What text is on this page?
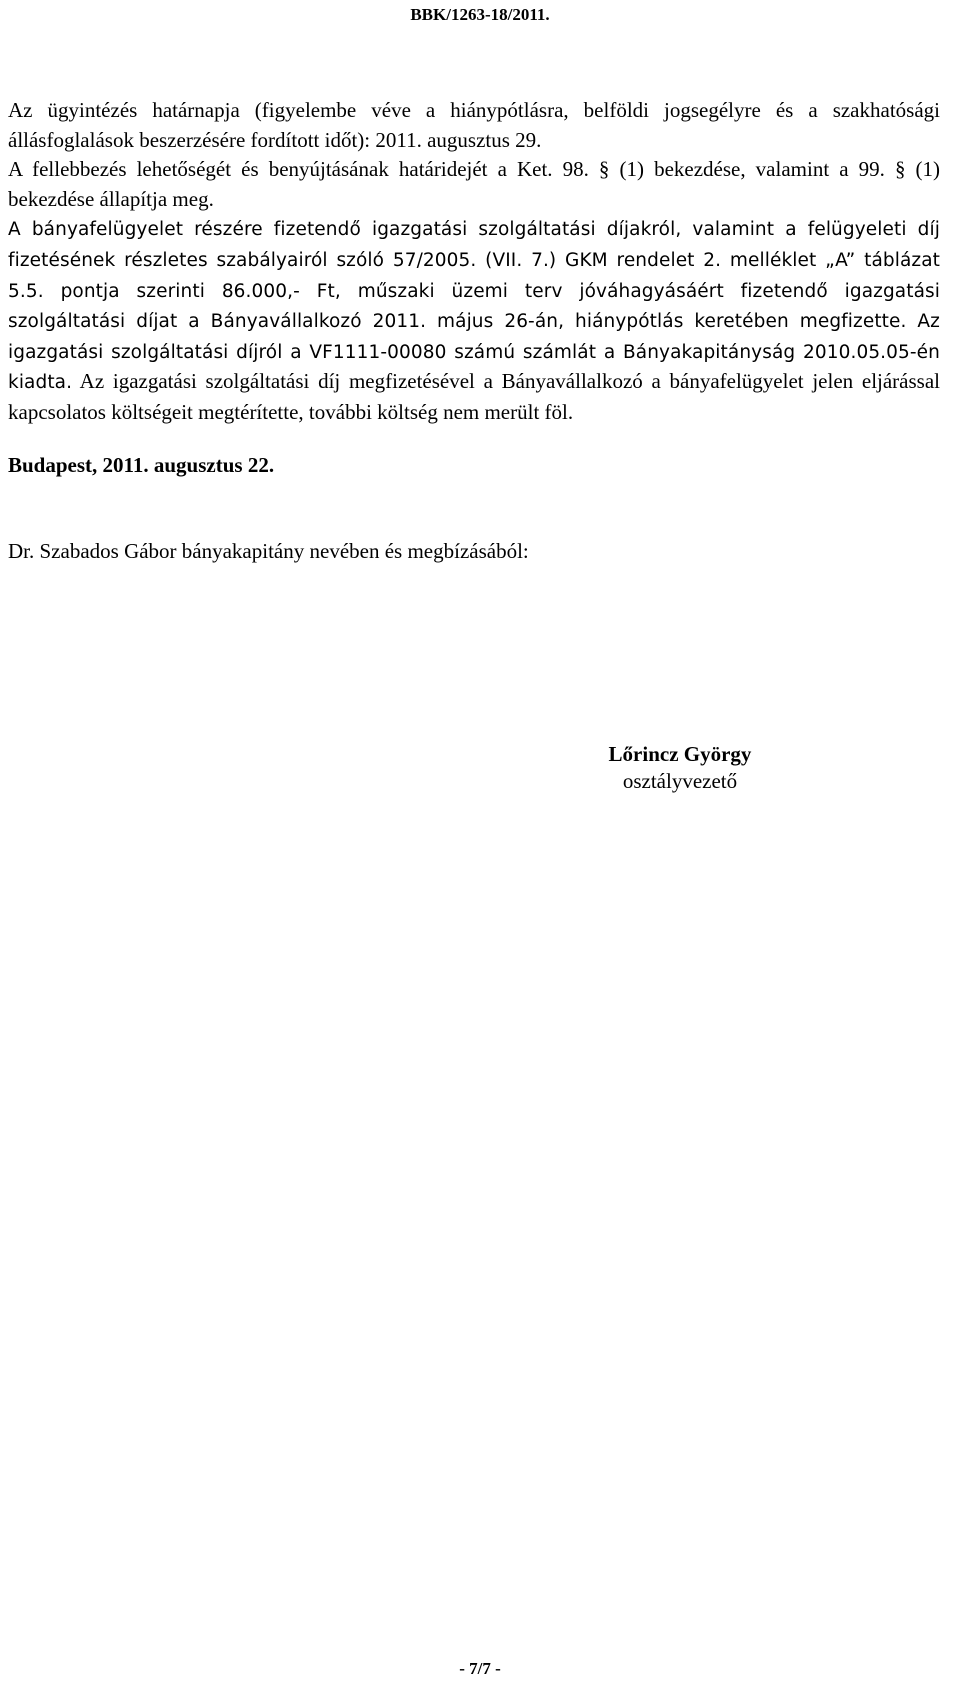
BBK/1263-18/2011.

Az ügyintézés határnapja (figyelembe véve a hiánypótlásra, belföldi jogsegélyre és a szakhatósági állásfoglalások beszerzésére fordított időt): 2011. augusztus 29.

A fellebbezés lehetőségét és benyújtásának határidejét a Ket. 98. § (1) bekezdése, valamint a 99. § (1) bekezdése állapítja meg.

A bányafelügyelet részére fizetendő igazgatási szolgáltatási díjakról, valamint a felügyeleti díj fizetésének részletes szabályairól szóló 57/2005. (VII. 7.) GKM rendelet 2. melléklet „A” táblázat 5.5. pontja szerinti 86.000,- Ft, műszaki üzemi terv jóváhagyásáért fizetendő igazgatási szolgáltatási díjat a Bányavállalkozó 2011. május 26-án, hiánypótlás keretében megfizette. Az igazgatási szolgáltatási díjról a VF1111-00080 számú számlát a Bányakapitányság 2010.05.05-én kiadta. Az igazgatási szolgáltatási díj megfizetésével a Bányavállalkozó a bányafelügyelet jelen eljárással kapcsolatos költségeit megtérítette, további költség nem merült föl.

Budapest, 2011. augusztus 22.
Dr. Szabados Gábor bányakapitány nevében és megbízásából:
Lőrincz György
osztályvezető
- 7/7 -
